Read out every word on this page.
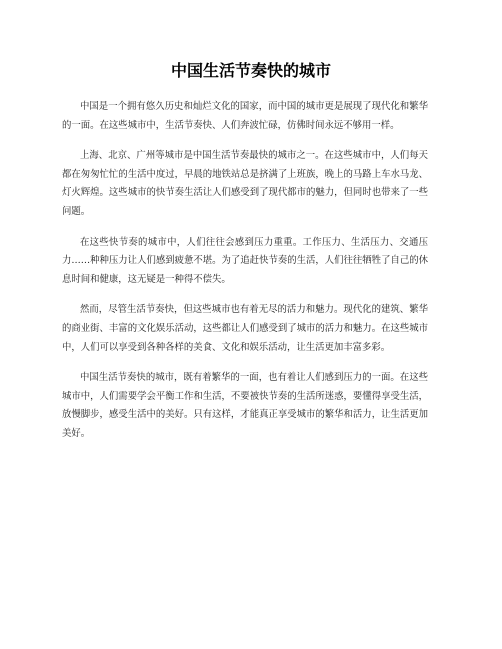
中国生活节奏快的城市

中国是一个拥有悠久历史和灿烂文化的国家，而中国的城市更是展现了现代化和繁华的一面。在这些城市中，生活节奏快、人们奔波忙碌，仿佛时间永远不够用一样。

上海、北京、广州等城市是中国生活节奏最快的城市之一。在这些城市中，人们每天都在匆匆忙忙的生活中度过，早晨的地铁站总是挤满了上班族，晚上的马路上车水马龙、灯火辉煌。这些城市的快节奏生活让人们感受到了现代都市的魅力，但同时也带来了一些问题。

在这些快节奏的城市中，人们往往会感到压力重重。工作压力、生活压力、交通压力……种种压力让人们感到疲惫不堪。为了追赶快节奏的生活，人们往往牺牲了自己的休息时间和健康，这无疑是一种得不偿失。

然而，尽管生活节奏快，但这些城市也有着无尽的活力和魅力。现代化的建筑、繁华的商业街、丰富的文化娱乐活动，这些都让人们感受到了城市的活力和魅力。在这些城市中，人们可以享受到各种各样的美食、文化和娱乐活动，让生活更加丰富多彩。

中国生活节奏快的城市，既有着繁华的一面，也有着让人们感到压力的一面。在这些城市中，人们需要学会平衡工作和生活，不要被快节奏的生活所迷惑，要懂得享受生活，放慢脚步，感受生活中的美好。只有这样，才能真正享受城市的繁华和活力，让生活更加美好。
